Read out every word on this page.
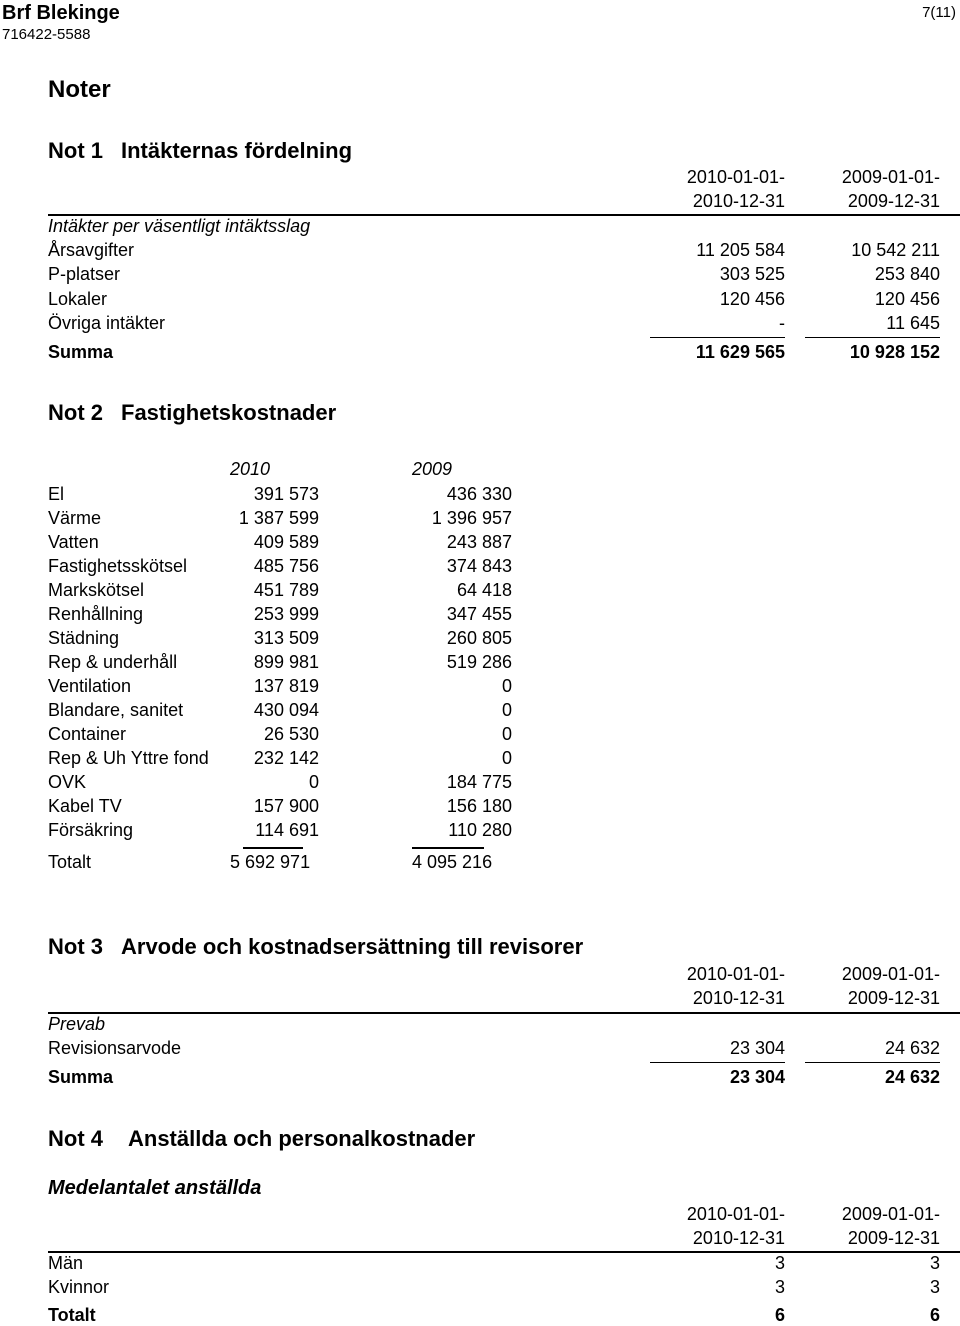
Brf Blekinge
716422-5588
7(11)
Noter
Not 1 Intäkternas fördelning
2010-01-01-
2010-12-31
2009-01-01-
2009-12-31
Intäkter per väsentligt intäktsslag
Årsavgifter	11 205 584	10 542 211
P-platser	303 525	253 840
Lokaler	120 456	120 456
Övriga intäkter	-	11 645
Summa	11 629 565	10 928 152
Not 2 Fastighetskostnader
2010	2009
El	391 573	436 330
Värme	1 387 599	1 396 957
Vatten	409 589	243 887
Fastighetsskötsel	485 756	374 843
Markskötsel	451 789	64 418
Renhållning	253 999	347 455
Städning	313 509	260 805
Rep & underhåll	899 981	519 286
Ventilation	137 819	0
Blandare, sanitet	430 094	0
Container	26 530	0
Rep & Uh Yttre fond	232 142	0
OVK	0	184 775
Kabel TV	157 900	156 180
Försäkring	114 691	110 280
Totalt	5 692 971	4 095 216
Not 3 Arvode och kostnadsersättning till revisorer
2010-01-01-
2010-12-31
2009-01-01-
2009-12-31
Prevab
Revisionsarvode	23 304	24 632
Summa	23 304	24 632
Not 4 Anställda och personalkostnader
Medelantalet anställda
2010-01-01-
2010-12-31
2009-01-01-
2009-12-31
Män	3	3
Kvinnor	3	3
Totalt	6	6
